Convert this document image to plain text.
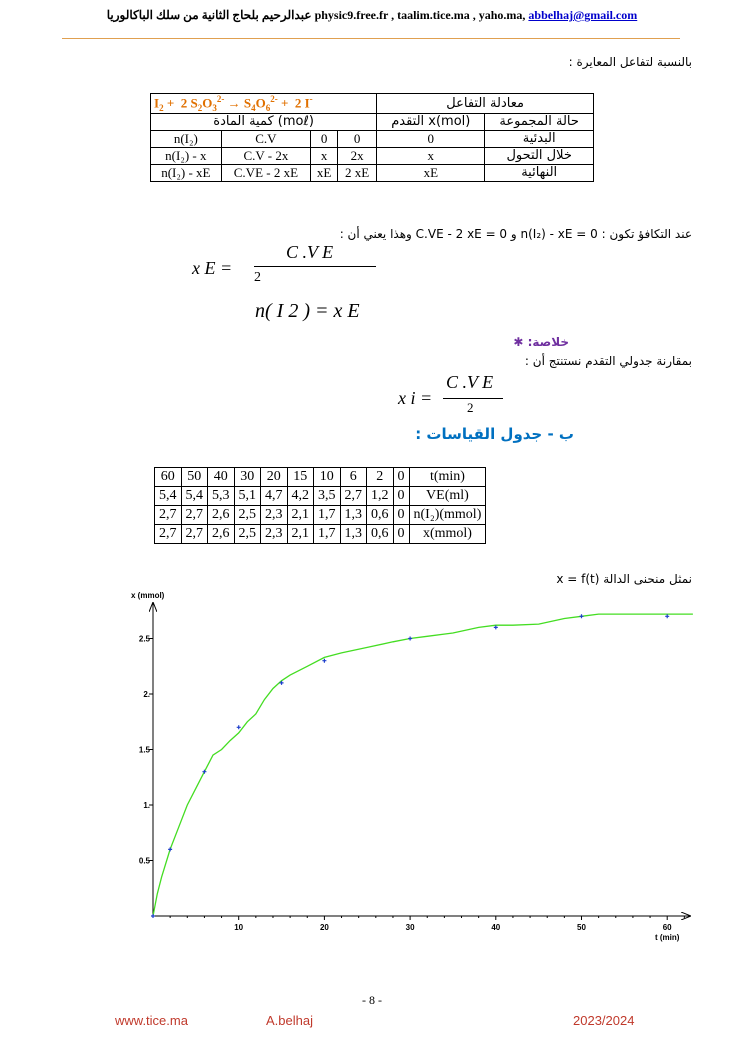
عبدالرحيم بلحاج الثانية من سلك الباكالوريا physic9.free.fr , taalim.tice.ma , yaho.ma, abbelhaj@gmail.com
بالنسبة لتفاعل المعايرة :
$I_2 + 2$ $S_2O_3^{2-} \to S_4O_6^{2-} + 2$ I-				معادلة التفاعل	
كمية المادة (moℓ)				التقدم x(mol)	حالة المجموعة
n(I₂)	C.V	0	0	0	البدئية
n(I₂) - x	C.V - 2x	x	2x	x	خلال التحول
n(I₂) - xE	C.VE - 2 xE	xE	2 xE	xE	النهائية
عند التكافؤ تكون : n(I₂) - xE = 0 و C.VE - 2 xE = 0 وهذا يعني أن :
x E =
C .V E
2
n( I 2 ) = x E
خلاصة: ✱
بمقارنة جدولي التقدم نستنتج أن :
x i =
C .V E
2
ب - جدول القياسات :
60	50	40	30	20	15	10	6	2	0	t(min)
5,4	5,4	5,3	5,1	4,7	4,2	3,5	2,7	1,2	0	VE(ml)
2,7	2,7	2,6	2,5	2,3	2,1	1,7	1,3	0,6	0	n(I₂)(mmol)
2,7	2,7	2,6	2,5	2,3	2,1	1,7	1,3	0,6	0	x(mmol)
نمثل منحنى الدالة x = f(t)
10	20	30	40	50	60
0.5
1.
1.5
2.
2.5
t (min)
x (mmol)
- 8 -
www.tice.ma	A.belhaj	2023/2024
